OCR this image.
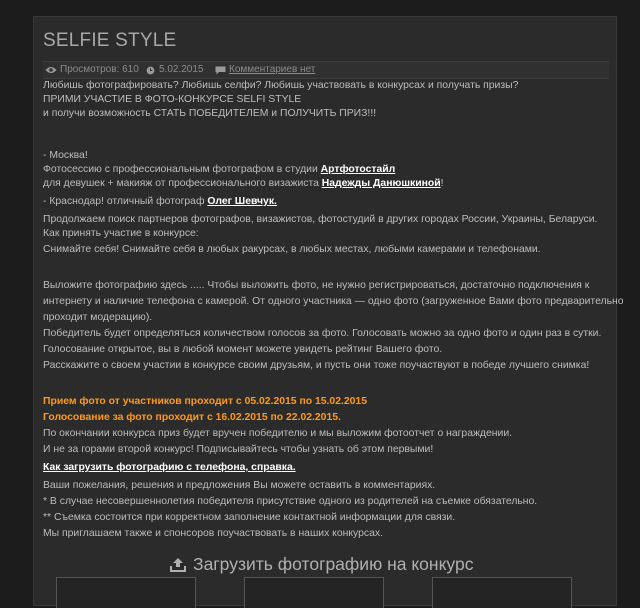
SELFIE STYLE
Просмотров: 610 5.02.2015	Комментариев нет
Любишь фотографировать? Любишь селфи? Любишь участвовать в конкурсах и получать призы?
ПРИМИ УЧАСТИЕ В ФОТО-КОНКУРСЕ SELFI STYLE
и получи возможность СТАТЬ ПОБЕДИТЕЛЕМ и ПОЛУЧИТЬ ПРИЗ!!!
- Москва!
Фотосессию с профессиональным фотографом в студии Артфотостайл
для девушек + макияж от профессионального визажиста Надежды Данюшкиной!
- Краснодар! отличный фотограф Олег Шевчук.
Продолжаем поиск партнеров фотографов, визажистов, фотостудий в других городах России, Украины, Беларуси.
Как принять участие в конкурсе:
Снимайте себя! Снимайте себя в любых ракурсах, в любых местах, любыми камерами и телефонами.
Выложите фотографию здесь ..... Чтобы выложить фото, не нужно регистрироваться, достаточно подключения к
интернету и наличие телефона с камерой. От одного участника — одно фото (загруженное Вами фото предварительно
проходит модерацию).
Победитель будет определяться количеством голосов за фото. Голосовать можно за одно фото и один раз в сутки.
Голосование открытое, вы в любой момент можете увидеть рейтинг Вашего фото.
Расскажите о своем участии в конкурсе своим друзьям, и пусть они тоже поучаствуют в победе лучшего снимка!
Прием фото от участников проходит с 05.02.2015 по 15.02.2015
Голосование за фото проходит с 16.02.2015 по 22.02.2015.
По окончании конкурса приз будет вручен победителю и мы выложим фотоотчет о награждении.
И не за горами второй конкурс! Подписывайтесь чтобы узнать об этом первыми!
Как загрузить фотографию с телефона, справка.
Ваши пожелания, решения и предложения Вы можете оставить в комментариях.
* В случае несовершеннолетия победителя присутствие одного из родителей на съемке обязательно.
** Съемка состоится при корректном заполнение контактной информации для связи.
Мы приглашаем также и спонсоров поучаствовать в наших конкурсах.
Загрузить фотографию на конкурс
